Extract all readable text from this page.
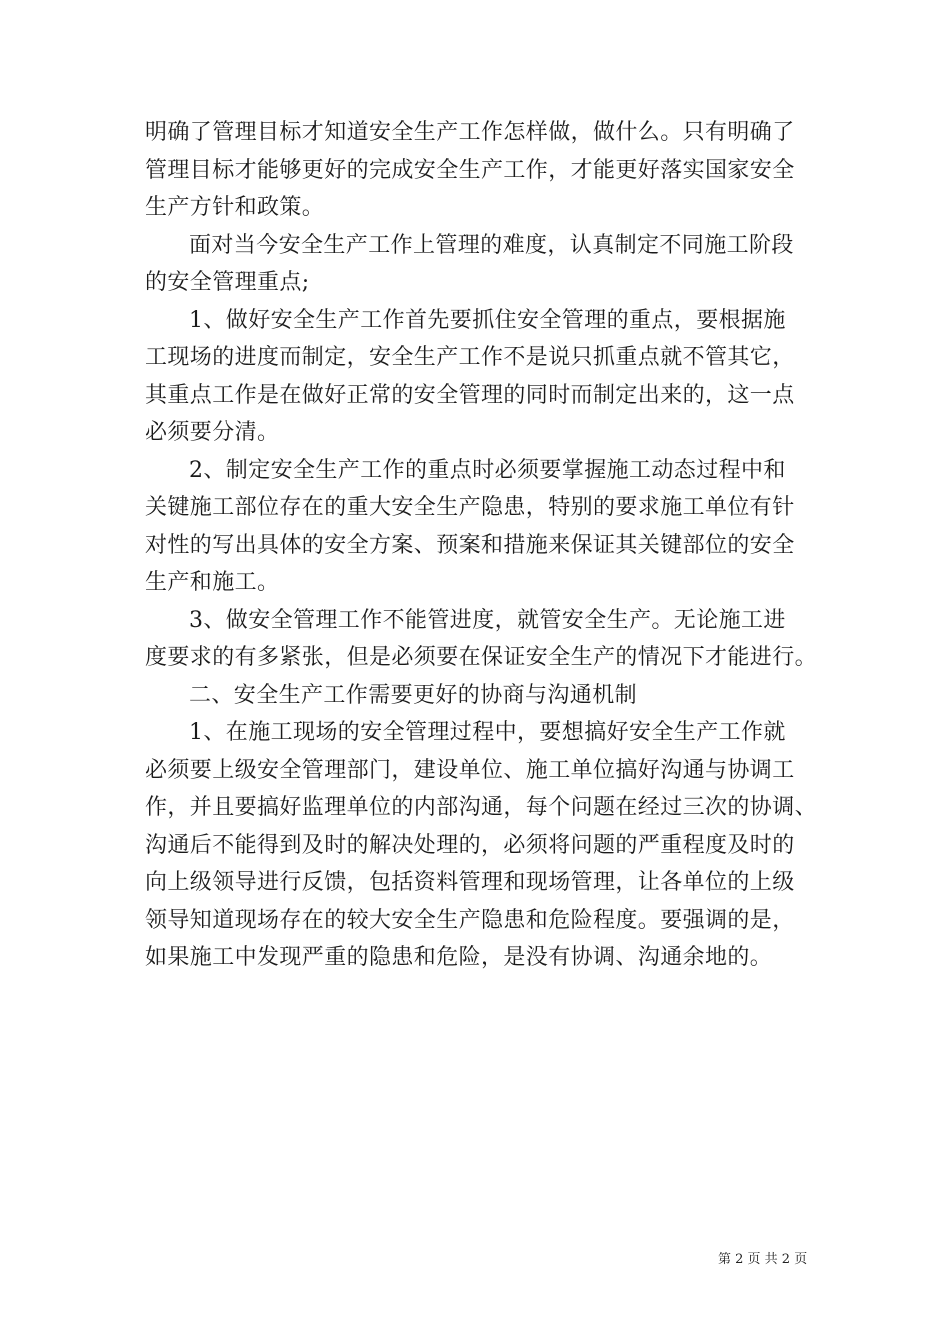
明确了管理目标才知道安全生产工作怎样做，做什么。只有明确了
管理目标才能够更好的完成安全生产工作，才能更好落实国家安全
生产方针和政策。
面对当今安全生产工作上管理的难度，认真制定不同施工阶段
的安全管理重点;
1、做好安全生产工作首先要抓住安全管理的重点，要根据施
工现场的进度而制定，安全生产工作不是说只抓重点就不管其它，
其重点工作是在做好正常的安全管理的同时而制定出来的，这一点
必须要分清。
2、制定安全生产工作的重点时必须要掌握施工动态过程中和
关键施工部位存在的重大安全生产隐患，特别的要求施工单位有针
对性的写出具体的安全方案、预案和措施来保证其关键部位的安全
生产和施工。
3、做安全管理工作不能管进度，就管安全生产。无论施工进
度要求的有多紧张，但是必须要在保证安全生产的情况下才能进行。
二、安全生产工作需要更好的协商与沟通机制
1、在施工现场的安全管理过程中，要想搞好安全生产工作就
必须要上级安全管理部门，建设单位、施工单位搞好沟通与协调工
作，并且要搞好监理单位的内部沟通，每个问题在经过三次的协调、
沟通后不能得到及时的解决处理的，必须将问题的严重程度及时的
向上级领导进行反馈，包括资料管理和现场管理，让各单位的上级
领导知道现场存在的较大安全生产隐患和危险程度。要强调的是，
如果施工中发现严重的隐患和危险，是没有协调、沟通余地的。
第 2 页 共 2 页
